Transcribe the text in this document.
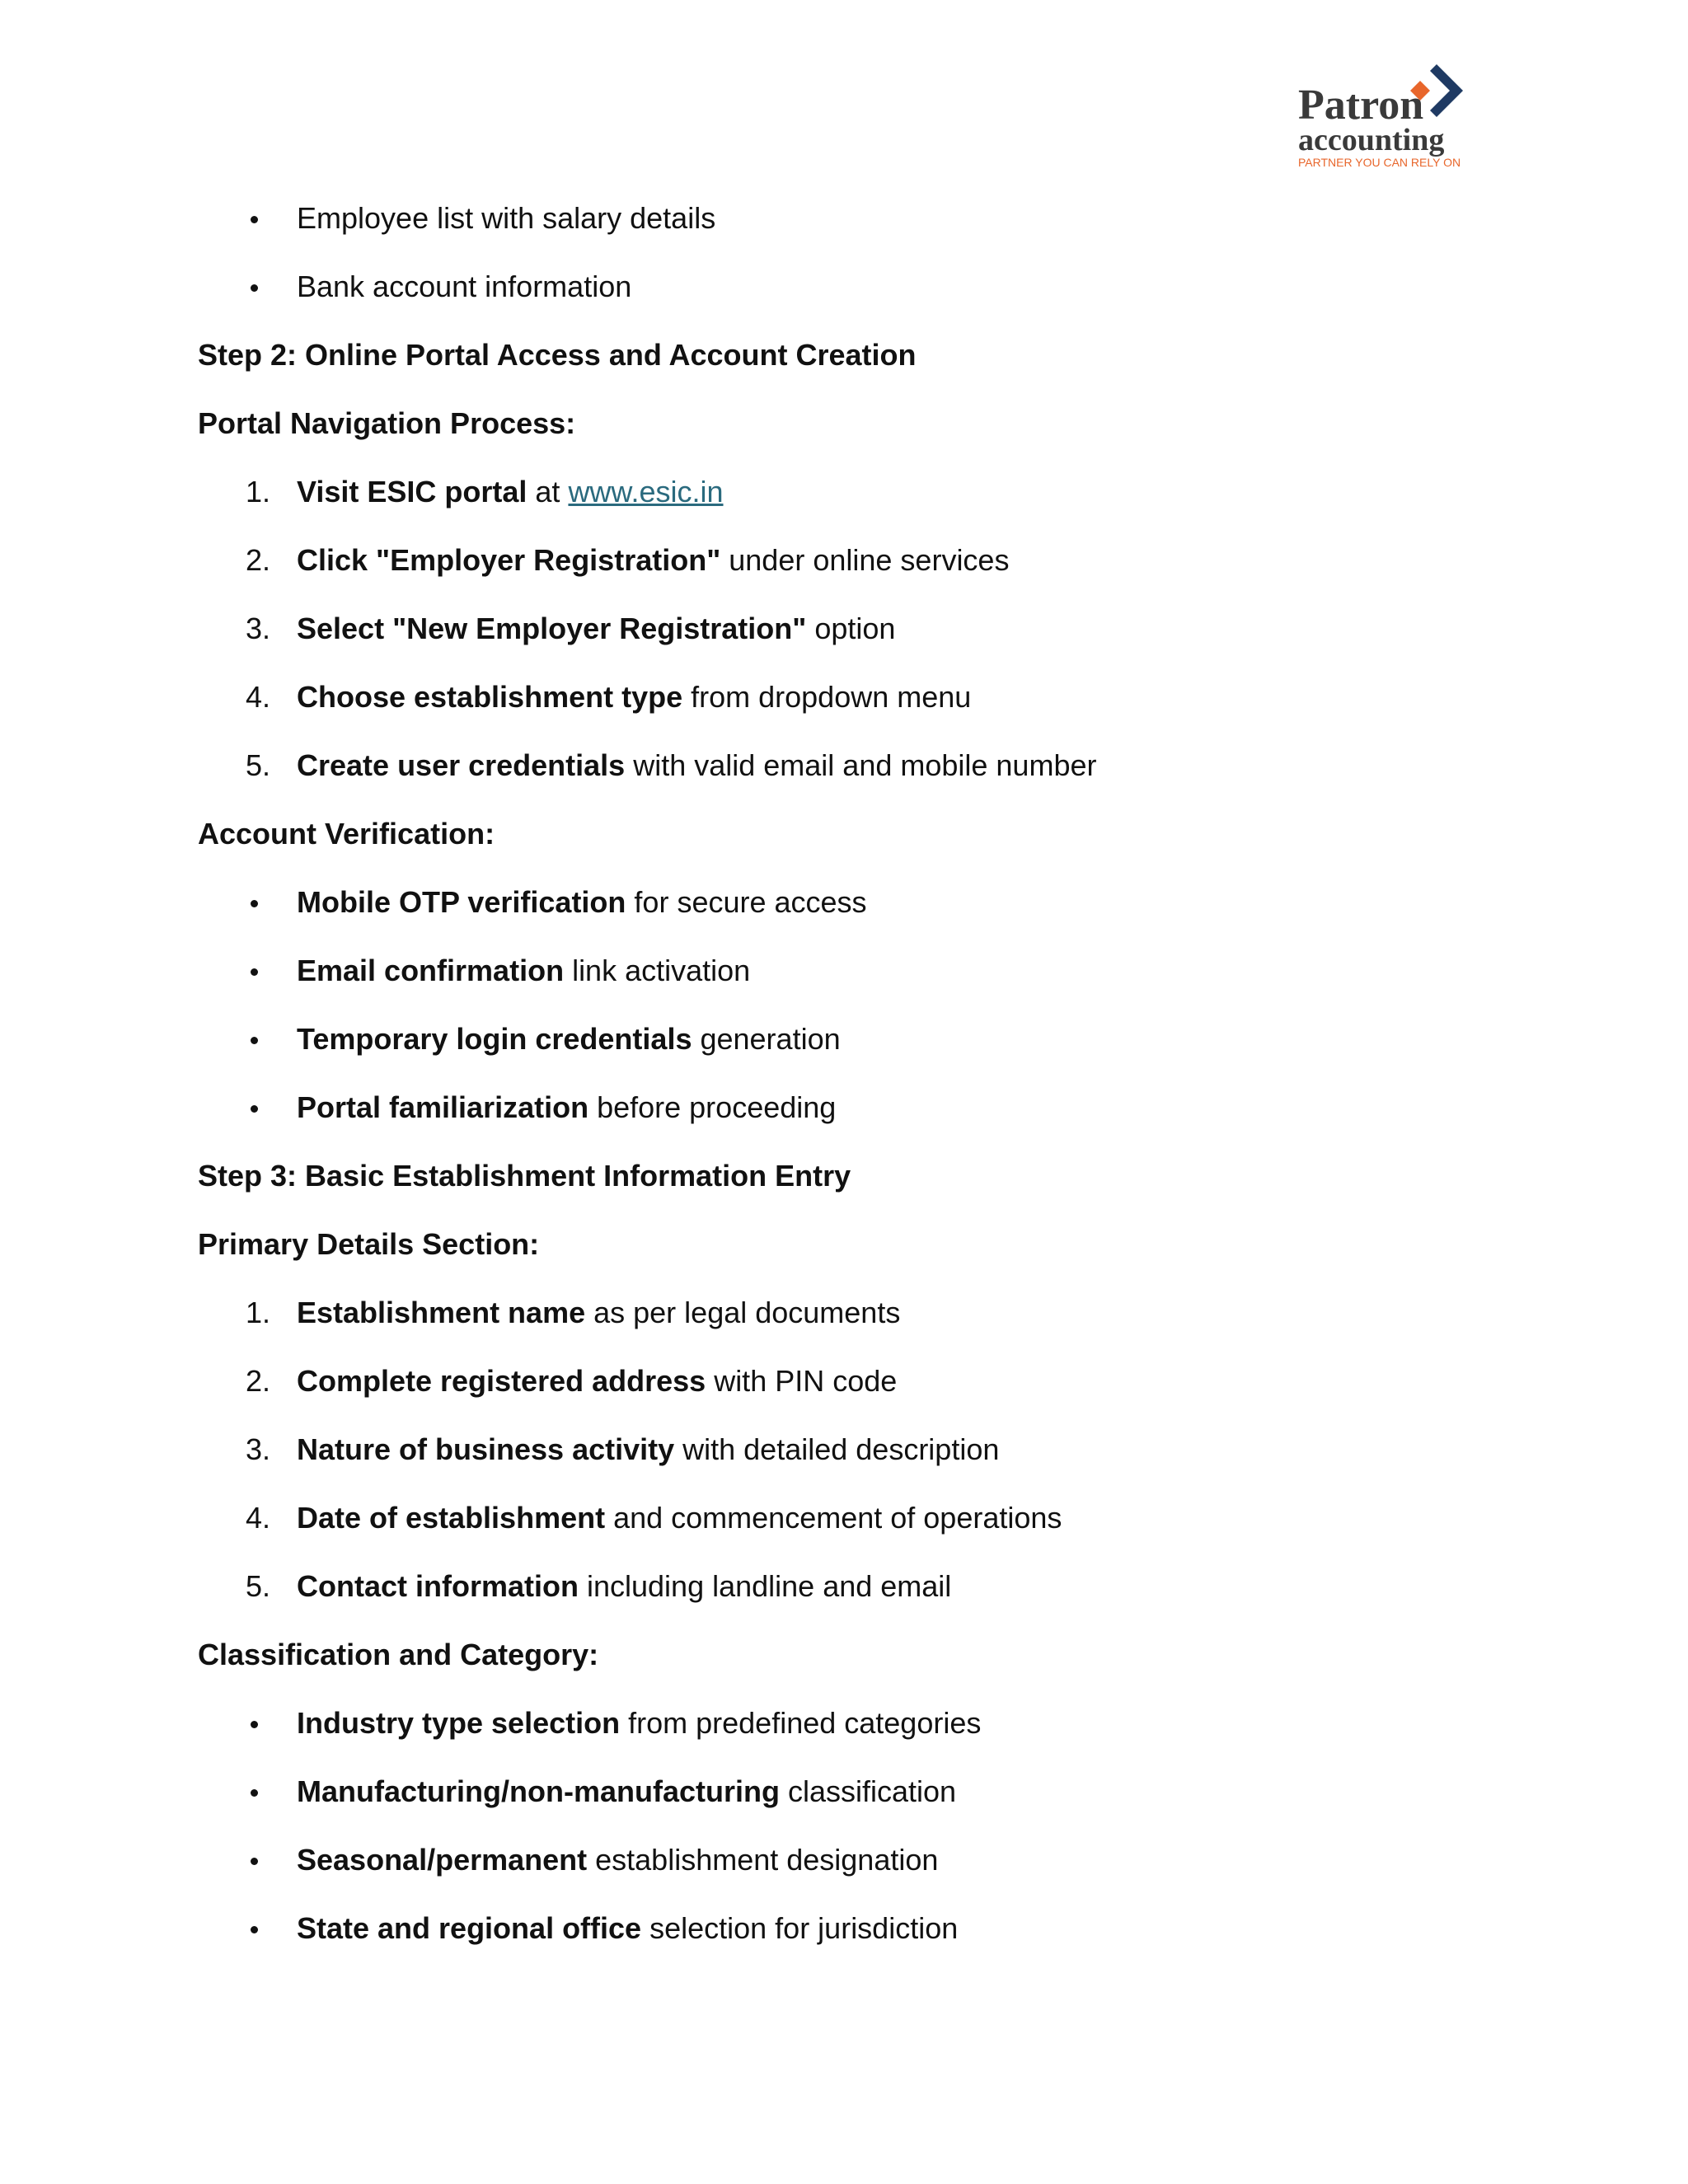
Patron
accounting
PARTNER YOU CAN RELY ON
Employee list with salary details
Bank account information
Step 2: Online Portal Access and Account Creation
Portal Navigation Process:
1. Visit ESIC portal at www.esic.in
2. Click "Employer Registration" under online services
3. Select "New Employer Registration" option
4. Choose establishment type from dropdown menu
5. Create user credentials with valid email and mobile number
Account Verification:
Mobile OTP verification for secure access
Email confirmation link activation
Temporary login credentials generation
Portal familiarization before proceeding
Step 3: Basic Establishment Information Entry
Primary Details Section:
1. Establishment name as per legal documents
2. Complete registered address with PIN code
3. Nature of business activity with detailed description
4. Date of establishment and commencement of operations
5. Contact information including landline and email
Classification and Category:
Industry type selection from predefined categories
Manufacturing/non-manufacturing classification
Seasonal/permanent establishment designation
State and regional office selection for jurisdiction
